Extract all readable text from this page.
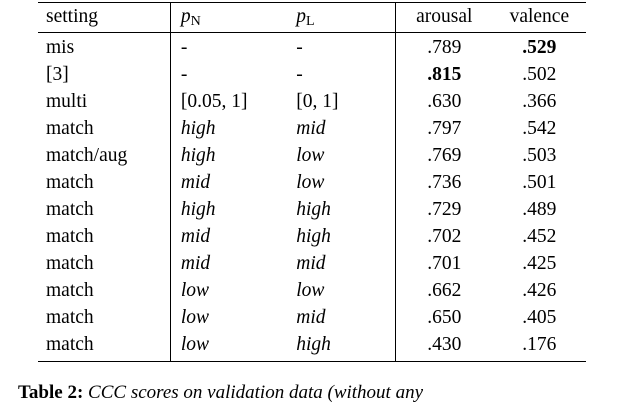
setting	pN	pL	arousal	valence
mis	-	-	.789	.529
[3]	-	-	.815	.502
multi	[0.05, 1]	[0, 1]	.630	.366
match	high	mid	.797	.542
match/aug	high	low	.769	.503
match	mid	low	.736	.501
match	high	high	.729	.489
match	mid	high	.702	.452
match	mid	mid	.701	.425
match	low	low	.662	.426
match	low	mid	.650	.405
match	low	high	.430	.176
Table 2: CCC scores on validation data (without any
